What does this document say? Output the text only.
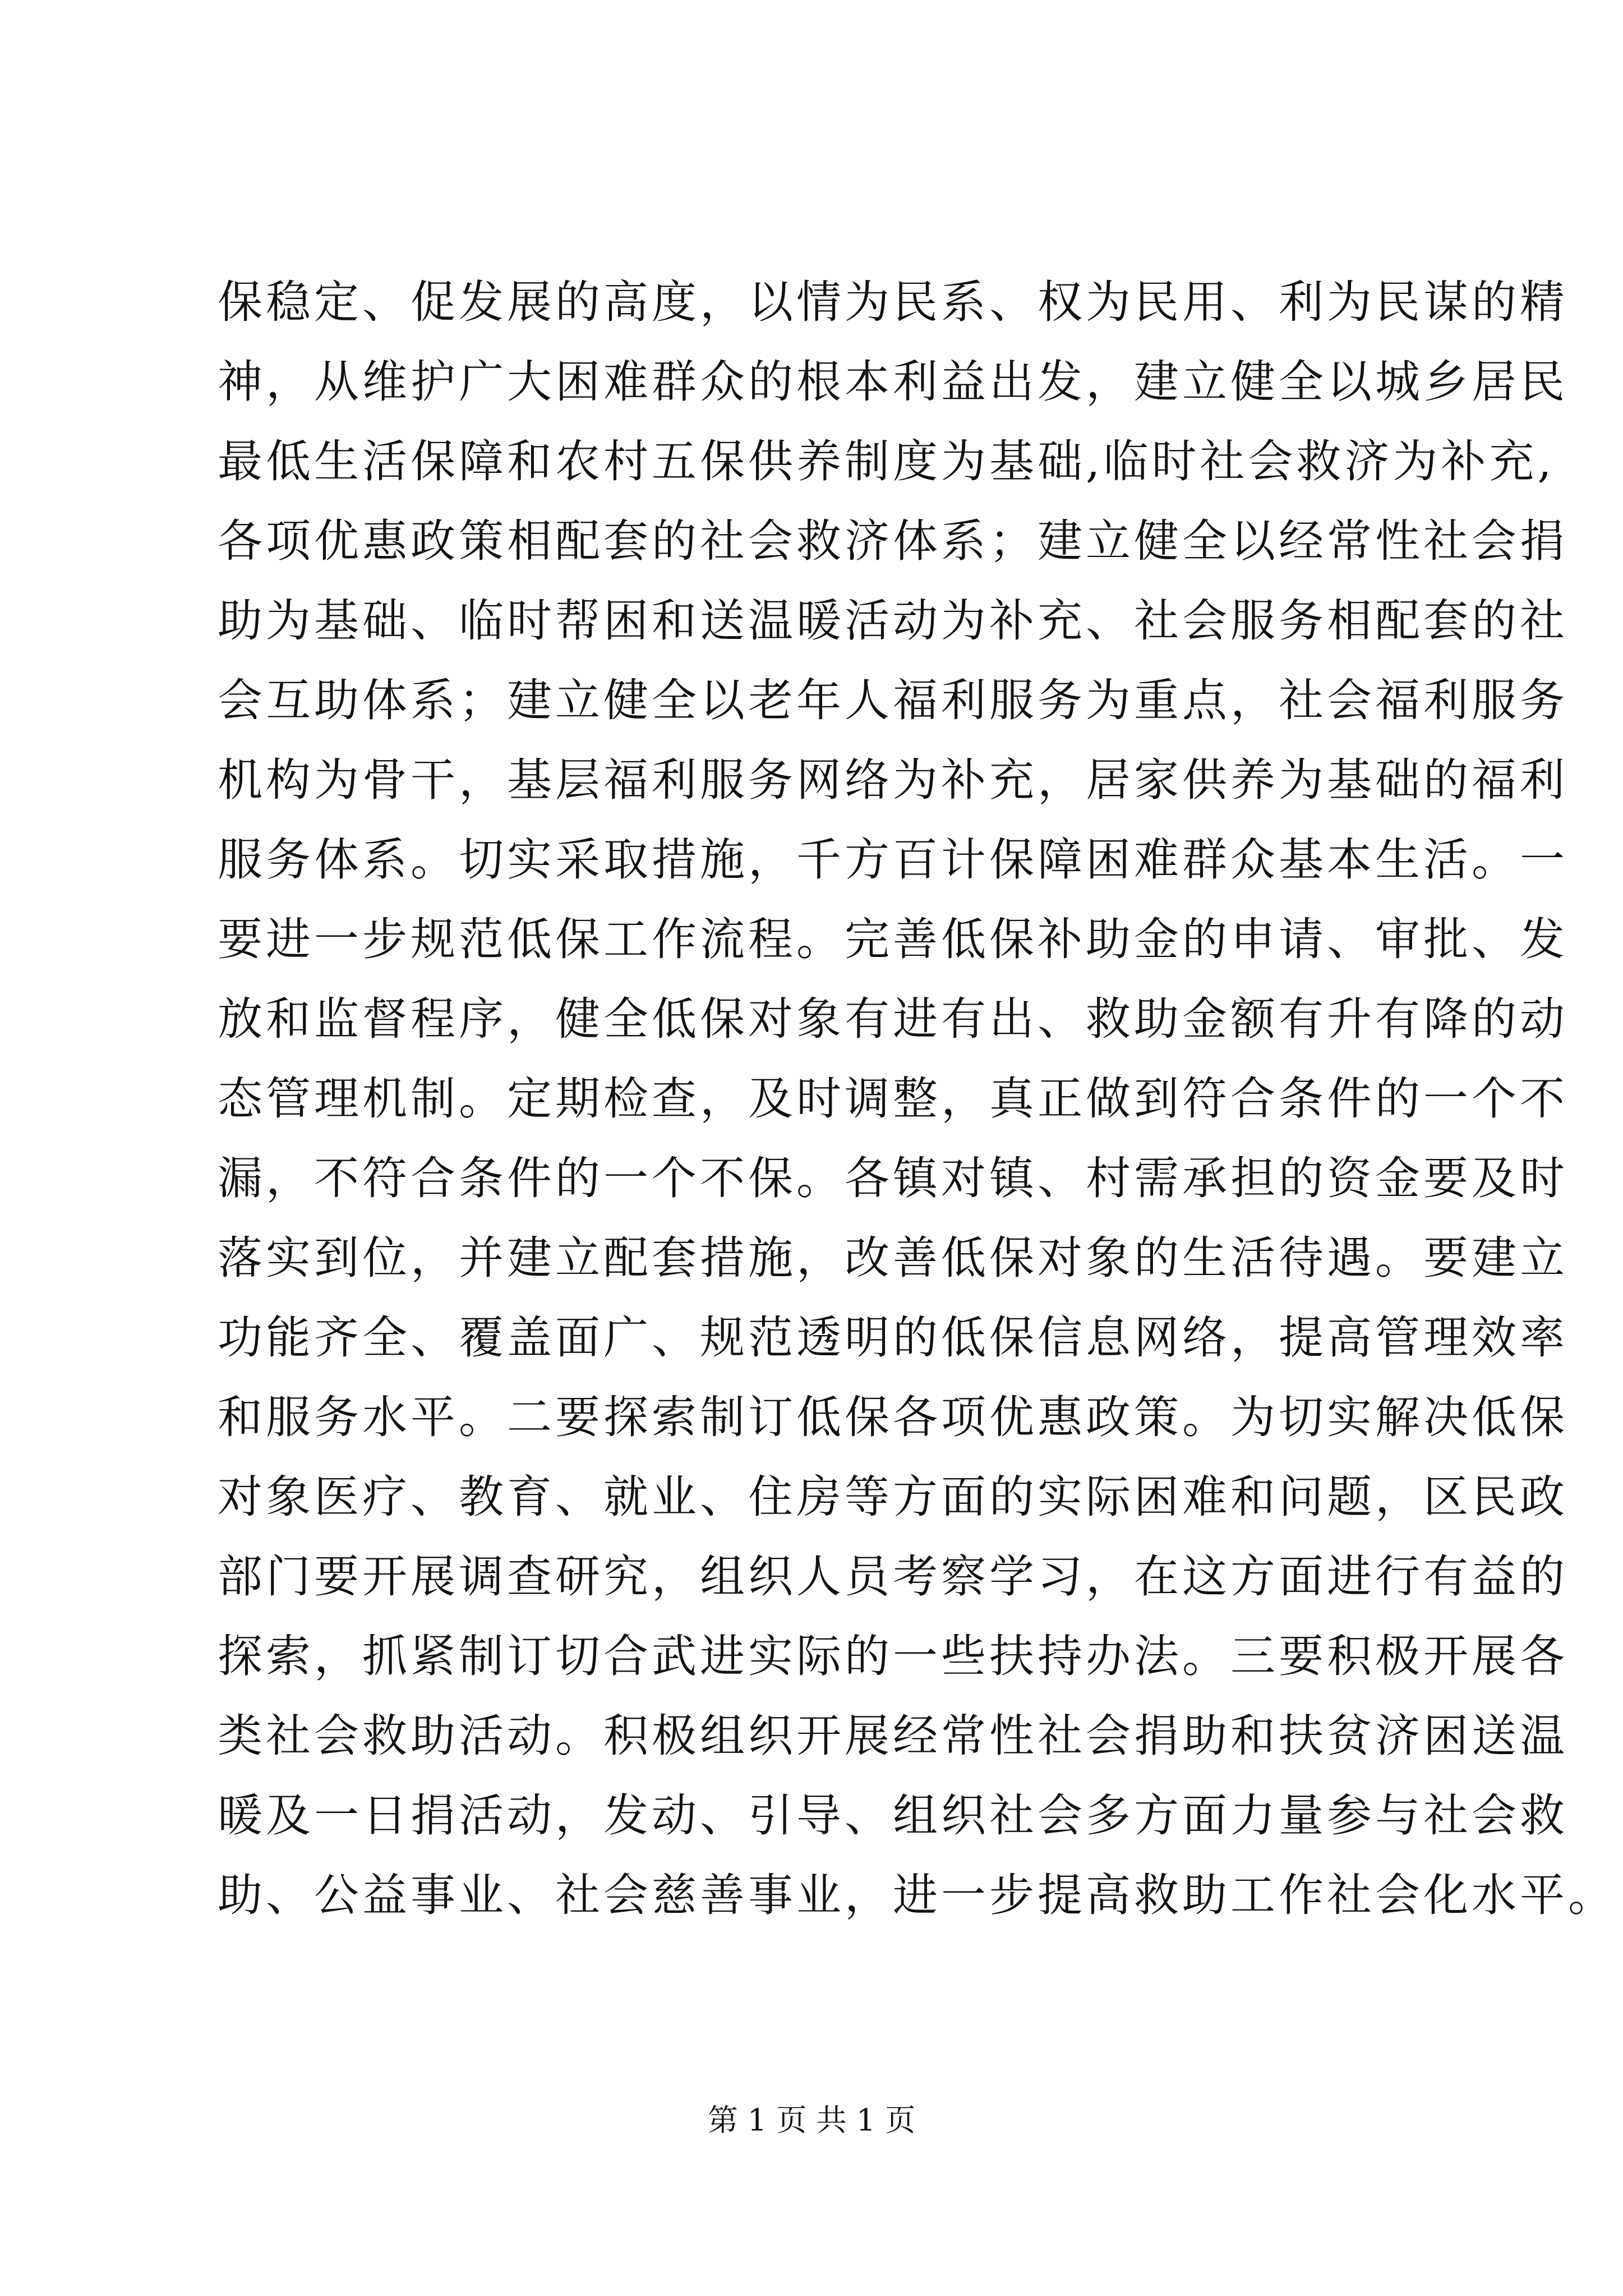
保稳定、促发展的高度，以情为民系、权为民用、利为民谋的精
神，从维护广大困难群众的根本利益出发，建立健全以城乡居民
最低生活保障和农村五保供养制度为基础,临时社会救济为补充,
各项优惠政策相配套的社会救济体系；建立健全以经常性社会捐
助为基础、临时帮困和送温暖活动为补充、社会服务相配套的社
会互助体系；建立健全以老年人福利服务为重点，社会福利服务
机构为骨干，基层福利服务网络为补充，居家供养为基础的福利
服务体系。切实采取措施，千方百计保障困难群众基本生活。一
要进一步规范低保工作流程。完善低保补助金的申请、审批、发
放和监督程序，健全低保对象有进有出、救助金额有升有降的动
态管理机制。定期检查，及时调整，真正做到符合条件的一个不
漏，不符合条件的一个不保。各镇对镇、村需承担的资金要及时
落实到位，并建立配套措施，改善低保对象的生活待遇。要建立
功能齐全、覆盖面广、规范透明的低保信息网络，提高管理效率
和服务水平。二要探索制订低保各项优惠政策。为切实解决低保
对象医疗、教育、就业、住房等方面的实际困难和问题，区民政
部门要开展调查研究，组织人员考察学习，在这方面进行有益的
探索，抓紧制订切合武进实际的一些扶持办法。三要积极开展各
类社会救助活动。积极组织开展经常性社会捐助和扶贫济困送温
暖及一日捐活动，发动、引导、组织社会多方面力量参与社会救
助、公益事业、社会慈善事业，进一步提高救助工作社会化水平。
第 1 页 共 1 页
